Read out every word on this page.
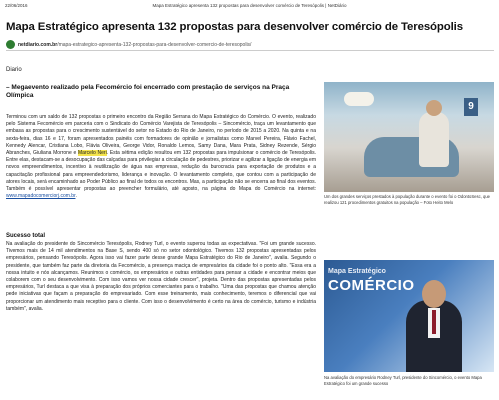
22/06/2016	Mapa Estratégico apresenta 132 propostas para desenvolver comércio de Teresópolis | NetDiário
Mapa Estratégico apresenta 132 propostas para desenvolver comércio de Teresópolis
netdiario.com.br /mapa-estrategico-apresenta-132-propostas-para-desenvolver-comercio-de-teresopolis/
Diario

– Megaevento realizado pela Fecomércio foi encerrado com prestação de serviços na Praça Olímpica

Terminou com um saldo de 132 propostas o primeiro encontro da Região Serrana do Mapa Estratégico do Comércio. O evento, realizado pelo Sistema Fecomércio em parceria com o Sindicato do Comércio Varejista de Teresópolis – Sincomércio, traça um levantamento que embasa as propostas para o crescimento sustentável do setor no Estado do Rio de Janeiro, no período de 2015 a 2020. Na quinta e na sexta-feira, dias 16 e 17, foram apresentados painéis com formadores de opinião e jornalistas como Marvel Pereira, Flávio Fachel, Kennedy Alencar, Cristiana Lobo, Flávia Oliveira, George Vidor, Ronaldo Lemos, Samy Dana, Mara Prata, Sidney Rezende, Sérgio Abranches, Giuliana Morrone e Marcelo Neri. Esta sétima edição resultou em 132 propostas para impulsionar o comércio de Teresópolis. Entre elas, destacam-se a desocupação das calçadas para privilegiar a circulação de pedestres, priorizar e agilizar a ligação de energia em novos empreendimentos, incentivo à reutilização de água nas empresas, redução da burocracia para exportação de produtos e a capacitação profissional para empreendedorismo, liderança e inovação. O levantamento completo, que contou com a participação de atores locais, será encaminhado ao Poder Público ao final de todos os encontros. Mas, a participação não se encerra ao final dos eventos. Também é possível apresentar propostas ao preencher formulário, até agosto, na página do Mapa do Comércio na internet: www.mapadocomerciorj.com.br.

9

Um dos grandes serviços prestados à população durante o evento foi o OdontoSesc, que realizou 121 procedimentos gratuitos na população – Foto Heito Melo

Sucesso total

Na avaliação do presidente do Sincomércio Teresópolis, Rodney Turl, o evento superou todas as expectativas. "Foi um grande sucesso. Tivemos mais de 14 mil atendimentos na Base S, sendo 400 só no setor odontológico. Tivemos 132 propostas apresentadas pelos empresários, pensando Teresópolis. Agora isso vai fazer parte desse grande Mapa Estratégico do Rio de Janeiro", avalia. Segundo o presidente, que também faz parte da diretoria da Fecomércio, a presença maciça de empresários da cidade foi o ponto alto. "Essa era a nossa intuito e nós alcançamos. Reunimos o comércio, os empresários e outras entidades para pensar a cidade e encontrar meios que colaborem com o seu desenvolvimento. Com isso vamos ver nossa cidade crescer", projeta. Dentro das propostas apresentadas pelos empresários, Turl destaca a que visa à preparação dos próprios comerciantes para o trabalho. "Uma das propostas que chamou atenção pede iniciativas que façam a preparação do empresariado. Com esse treinamento, mais conhecimento, teremos o diferencial que vai proporcionar um atendimento mais receptivo para o cliente. Com isso o desenvolvimento é certo na área do comércio, turismo e indústria também", avalia.

Mapa Estratégico
COMÉRCIO

Na avaliação do empresário Rodney Turl, presidente do Sincomércio, o evento Mapa Estratégico foi um grande sucesso
